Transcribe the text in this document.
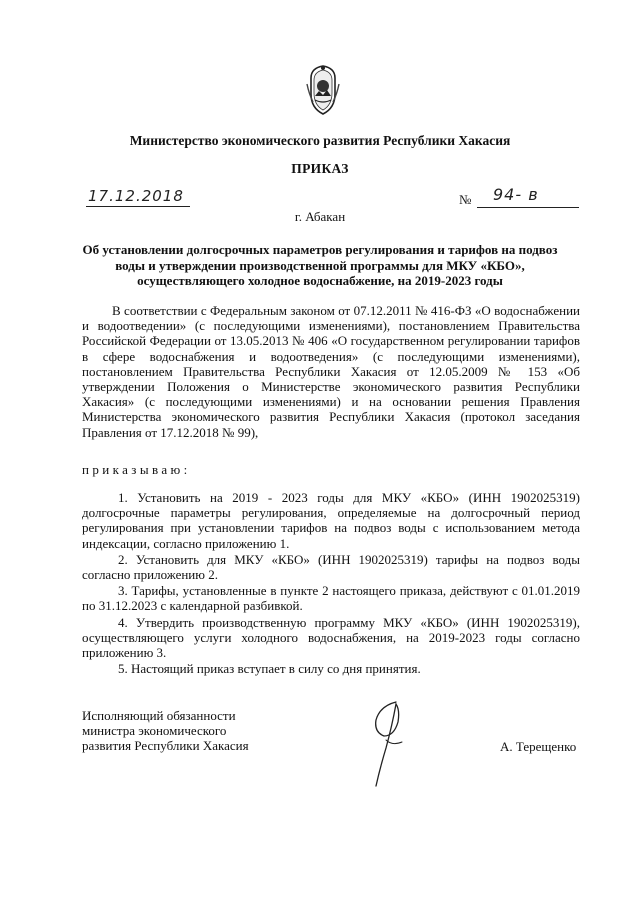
Министерство экономического развития Республики Хакасия
ПРИКАЗ
17.12.2018	№	94- в
г. Абакан
Об установлении долгосрочных параметров регулирования и тарифов на подвоз воды и утверждении производственной программы для МКУ «КБО», осуществляющего холодное водоснабжение, на 2019-2023 годы
В соответствии с Федеральным законом от 07.12.2011 № 416-ФЗ «О водоснабжении и водоотведении» (с последующими изменениями), постановлением Правительства Российской Федерации от 13.05.2013 № 406 «О государственном регулировании тарифов в сфере водоснабжения и водоотведения» (с последующими изменениями), постановлением Правительства Республики Хакасия от 12.05.2009 № 153 «Об утверждении Положения о Министерстве экономического развития Республики Хакасия» (с последующими изменениями) и на основании решения Правления Министерства экономического развития Республики Хакасия (протокол заседания Правления от 17.12.2018 № 99),
приказываю:

1. Установить на 2019 - 2023 годы для МКУ «КБО» (ИНН 1902025319) долгосрочные параметры регулирования, определяемые на долгосрочный период регулирования при установлении тарифов на подвоз воды с использованием метода индексации, согласно приложению 1.

2. Установить для МКУ «КБО» (ИНН 1902025319) тарифы на подвоз воды согласно приложению 2.

3. Тарифы, установленные в пункте 2 настоящего приказа, действуют с 01.01.2019 по 31.12.2023 с календарной разбивкой.

4. Утвердить производственную программу МКУ «КБО» (ИНН 1902025319), осуществляющего услуги холодного водоснабжения, на 2019-2023 годы согласно приложению 3.

5. Настоящий приказ вступает в силу со дня принятия.

Исполняющий обязанности
министра экономического
развития Республики Хакасия	А. Терещенко
